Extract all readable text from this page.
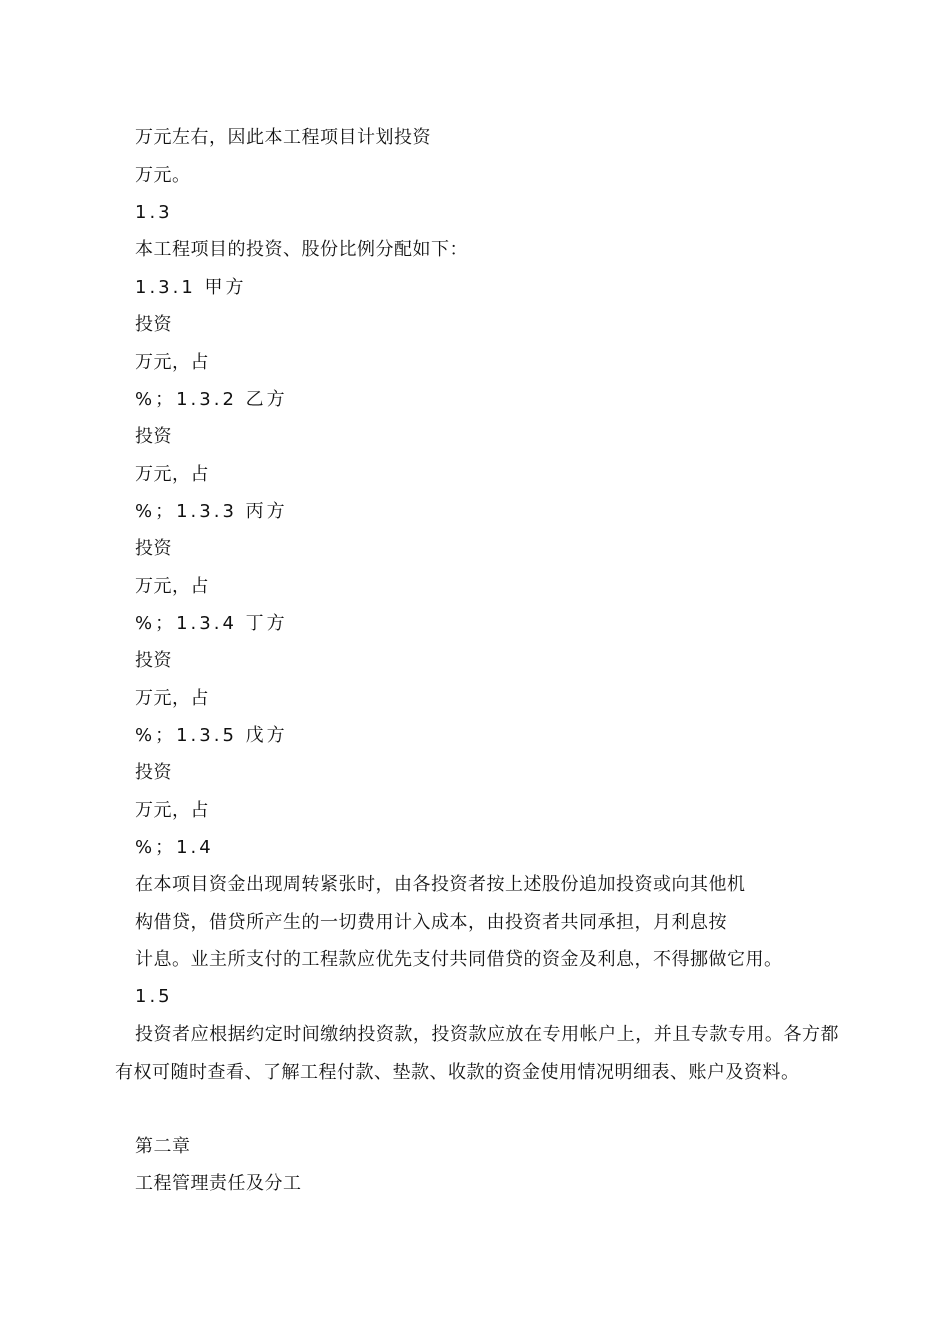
万元左右，因此本工程项目计划投资
万元。
1.3
本工程项目的投资、股份比例分配如下：
1.3.1 甲方
投资
万元，占
%；1.3.2 乙方
投资
万元，占
%；1.3.3 丙方
投资
万元，占
%；1.3.4 丁方
投资
万元，占
%；1.3.5 戊方
投资
万元，占
%；1.4
在本项目资金出现周转紧张时，由各投资者按上述股份追加投资或向其他机
构借贷，借贷所产生的一切费用计入成本，由投资者共同承担，月利息按
计息。业主所支付的工程款应优先支付共同借贷的资金及利息，不得挪做它用。
1.5
投资者应根据约定时间缴纳投资款，投资款应放在专用帐户上，并且专款专用。各方都有权可随时查看、了解工程付款、垫款、收款的资金使用情况明细表、账户及资料。
第二章
工程管理责任及分工
